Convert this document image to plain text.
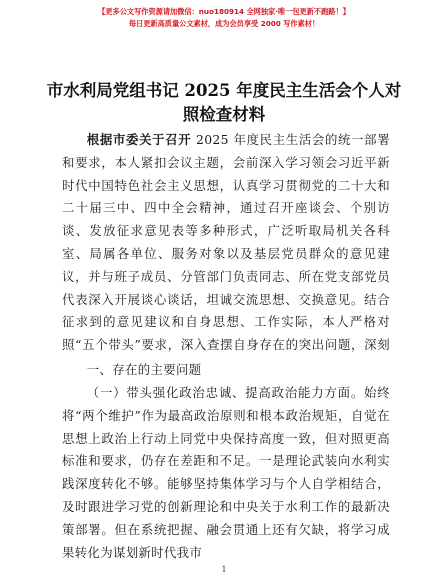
【更多公文写作资源请加微信：nuo180914 全网独家·唯一包更新不跑路！】
每日更新高质量公文素材，成为会员享受 2000 写作素材！
市水利局党组书记 2025 年度民主生活会个人对
照检查材料

根据市委关于召开 2025 年度民主生活会的统一部署和要求，本人紧扣会议主题，会前深入学习领会习近平新时代中国特色社会主义思想，认真学习贯彻党的二十大和二十届三中、四中全会精神，通过召开座谈会、个别访谈、发放征求意见表等多种形式，广泛听取局机关各科室、局属各单位、服务对象以及基层党员群众的意见建议，并与班子成员、分管部门负责同志、所在党支部党员代表深入开展谈心谈话，坦诚交流思想、交换意见。结合征求到的意见建议和自身思想、工作实际，本人严格对照“五个带头”要求，深入查摆自身存在的突出问题，深刻

一、存在的主要问题

（一）带头强化政治忠诚、提高政治能力方面。始终将“两个维护”作为最高政治原则和根本政治规矩，自觉在思想上政治上行动上同党中央保持高度一致，但对照更高标准和要求，仍存在差距和不足。一是理论武装向水利实践深度转化不够。能够坚持集体学习与个人自学相结合，及时跟进学习党的创新理论和中央关于水利工作的最新决策部署。但在系统把握、融会贯通上还有欠缺，将学习成果转化为谋划新时代我市

1
